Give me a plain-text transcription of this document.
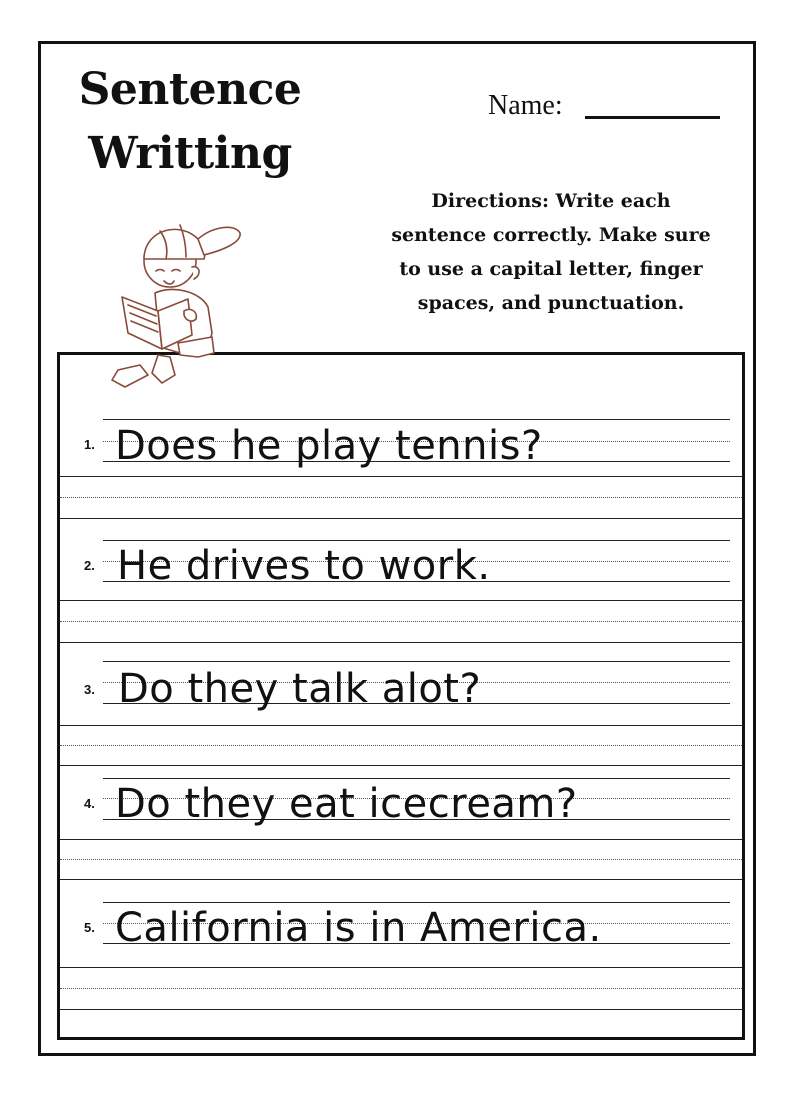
Sentence
Writting
Name:
Directions: Write each
sentence correctly. Make sure
to use a capital letter, finger
spaces, and punctuation.
1. Does he play tennis?
2. He drives to work.
3. Do they talk alot?
4. Do they eat icecream?
5. California is in America.
